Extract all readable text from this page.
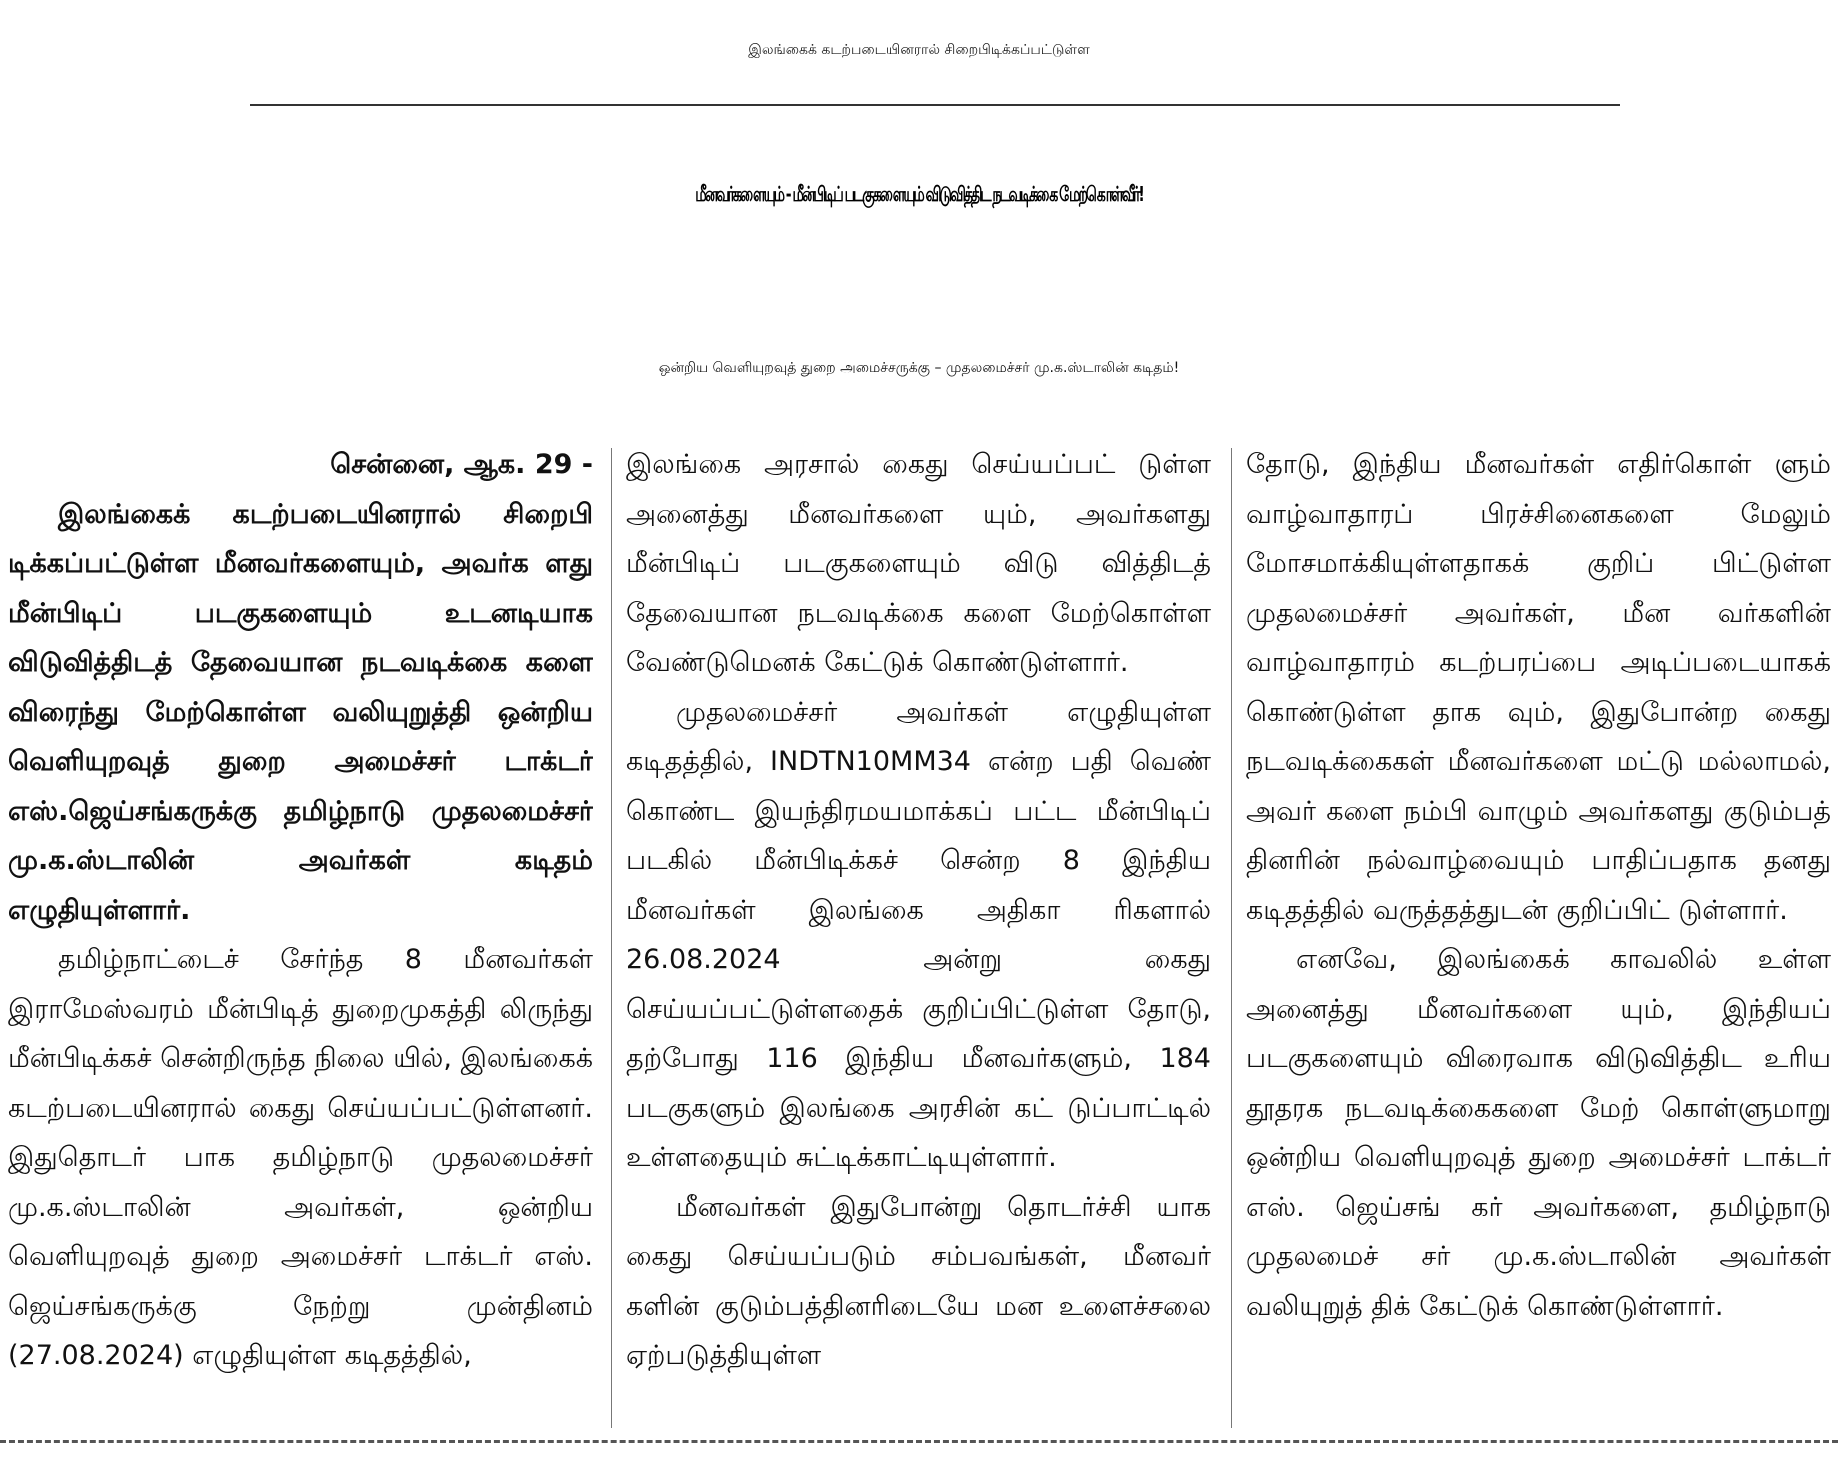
இலங்கைக் கடற்படையினரால் சிறைபிடிக்கப்பட்டுள்ள
மீனவர்களையும் - மீன்பிடிப் படகுகளையும் விடுவித்திட நடவடிக்கை மேற்கொள்வீர்!
ஒன்றிய வெளியுறவுத் துறை அமைச்சருக்கு – முதலமைச்சர் மு.க.ஸ்டாலின் கடிதம்!

சென்னை, ஆக. 29 -

இலங்கைக் கடற்படையினரால் சிறைபி டிக்கப்பட்டுள்ள மீனவர்களையும், அவர்க ளது மீன்பிடிப் படகுகளையும் உடனடியாக விடுவித்திடத் தேவையான நடவடிக்கை களை விரைந்து மேற்கொள்ள வலியுறுத்தி ஒன்றிய வெளியுறவுத் துறை அமைச்சர் டாக்டர் எஸ்.ஜெய்சங்கருக்கு தமிழ்நாடு முதலமைச்சர் மு.க.ஸ்டாலின் அவர்கள் கடிதம் எழுதியுள்ளார்.

தமிழ்நாட்டைச் சேர்ந்த 8 மீனவர்கள் இராமேஸ்வரம் மீன்பிடித் துறைமுகத்தி லிருந்து மீன்பிடிக்கச் சென்றிருந்த நிலை யில், இலங்கைக் கடற்படையினரால் கைது செய்யப்பட்டுள்ளனர். இதுதொடர் பாக தமிழ்நாடு முதலமைச்சர் மு.க.ஸ்டாலின் அவர்கள், ஒன்றிய வெளியுறவுத் துறை அமைச்சர் டாக்டர் எஸ். ஜெய்சங்கருக்கு நேற்று முன்தினம் (27.08.2024) எழுதியுள்ள கடிதத்தில்,

இலங்கை அரசால் கைது செய்யப்பட் டுள்ள அனைத்து மீனவர்களை யும், அவர்களது மீன்பிடிப் படகுகளையும் விடு வித்திடத் தேவையான நடவடிக்கை களை மேற்கொள்ள வேண்டுமெனக் கேட்டுக் கொண்டுள்ளார்.

முதலமைச்சர் அவர்கள் எழுதியுள்ள கடிதத்தில், INDTN10MM34 என்ற பதி வெண் கொண்ட இயந்திரமயமாக்கப் பட்ட மீன்பிடிப் படகில் மீன்பிடிக்கச் சென்ற 8 இந்திய மீனவர்கள் இலங்கை அதிகா ரிகளால் 26.08.2024 அன்று கைது செய்யப்பட்டுள்ளதைக் குறிப்பிட்டுள்ள தோடு, தற்போது 116 இந்திய மீனவர்களும், 184 படகுகளும் இலங்கை அரசின் கட் டுப்பாட்டில் உள்ளதையும் சுட்டிக்காட்டியுள்ளார்.

மீனவர்கள் இதுபோன்று தொடர்ச்சி யாக கைது செய்யப்படும் சம்பவங்கள், மீனவர் களின் குடும்பத்தினரிடையே மன உளைச்சலை ஏற்படுத்தியுள்ள

தோடு, இந்திய மீனவர்கள் எதிர்கொள் ளும் வாழ்வாதாரப் பிரச்சினைகளை மேலும் மோசமாக்கியுள்ளதாகக் குறிப் பிட்டுள்ள முதலமைச்சர் அவர்கள், மீன வர்களின் வாழ்வாதாரம் கடற்பரப்பை அடிப்படையாகக் கொண்டுள்ள தாக வும், இதுபோன்ற கைது நடவடிக்கைகள் மீனவர்களை மட்டு மல்லாமல், அவர் களை நம்பி வாழும் அவர்களது குடும்பத் தினரின் நல்வாழ்வையும் பாதிப்பதாக தனது கடிதத்தில் வருத்தத்துடன் குறிப்பிட் டுள்ளார்.

எனவே, இலங்கைக் காவலில் உள்ள அனைத்து மீனவர்களை யும், இந்தியப் படகுகளையும் விரைவாக விடுவித்திட உரிய தூதரக நடவடிக்கைகளை மேற் கொள்ளுமாறு ஒன்றிய வெளியுறவுத் துறை அமைச்சர் டாக்டர் எஸ். ஜெய்சங் கர் அவர்களை, தமிழ்நாடு முதலமைச் சர் மு.க.ஸ்டாலின் அவர்கள் வலியுறுத் திக் கேட்டுக் கொண்டுள்ளார்.
